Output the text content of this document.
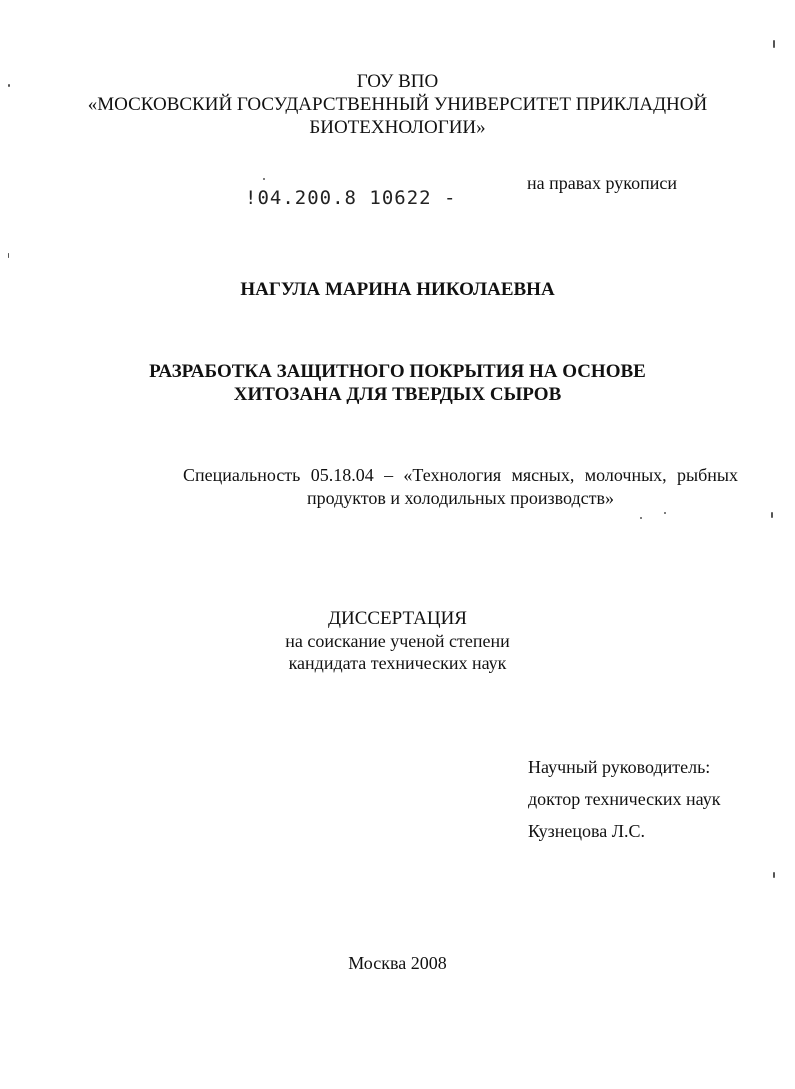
ГОУ ВПО
«МОСКОВСКИЙ ГОСУДАРСТВЕННЫЙ УНИВЕРСИТЕТ ПРИКЛАДНОЙ
БИОТЕХНОЛОГИИ»
!04.200.8 10622 -
на правах рукописи
НАГУЛА МАРИНА НИКОЛАЕВНА
РАЗРАБОТКА ЗАЩИТНОГО ПОКРЫТИЯ НА ОСНОВЕ
ХИТОЗАНА ДЛЯ ТВЕРДЫХ СЫРОВ
Специальность 05.18.04 – «Технология мясных, молочных, рыбных
продуктов и холодильных производств»
ДИССЕРТАЦИЯ
на соискание ученой степени
кандидата технических наук
Научный руководитель:
доктор технических наук
Кузнецова Л.С.
Москва 2008
